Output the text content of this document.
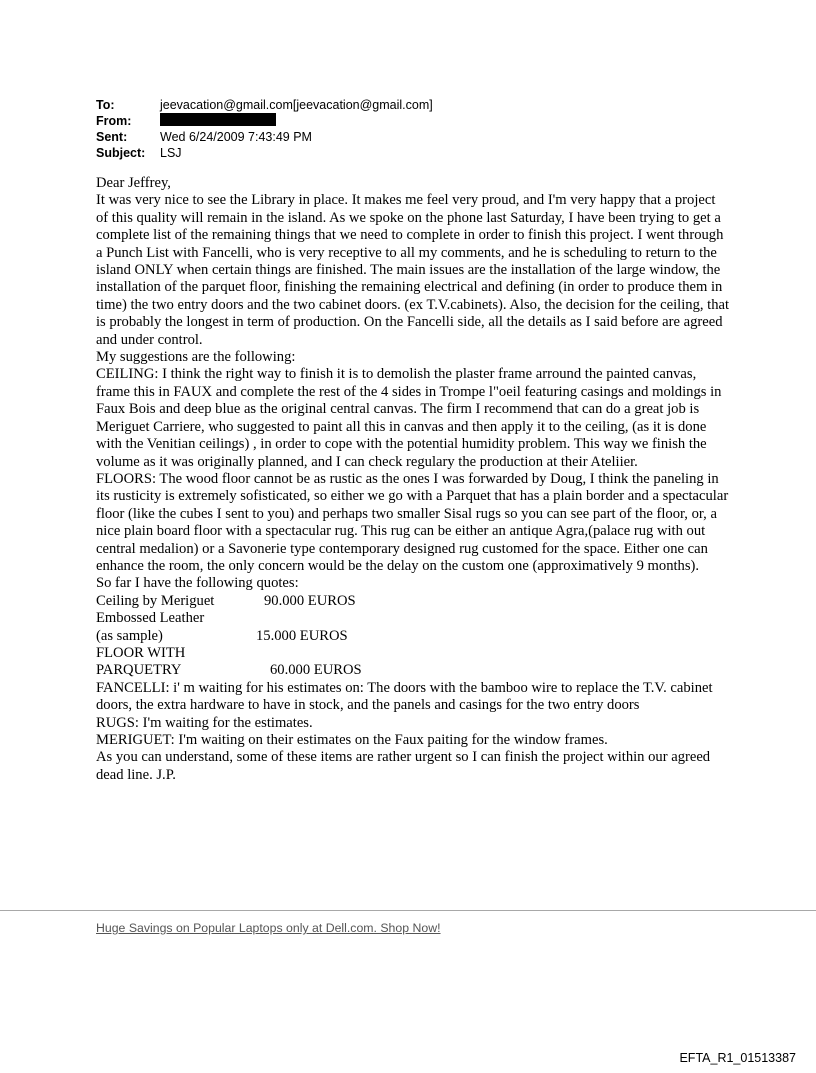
To:	jeevacation@gmail.com[jeevacation@gmail.com]
From:
Sent:	Wed 6/24/2009 7:43:49 PM
Subject:	LSJ

Dear Jeffrey,

It was very nice to see the Library in place. It makes me feel very proud, and I'm very happy that a project of this quality will remain in the island. As we spoke on the phone last Saturday, I have been trying to get a complete list of the remaining things that we need to complete in order to finish this project. I went through a Punch List with Fancelli, who is very receptive to all my comments, and he is scheduling to return to the island ONLY when certain things are finished. The main issues are the installation of the large window, the installation of the parquet floor, finishing the remaining electrical and defining (in order to produce them in time) the two entry doors and the two cabinet doors. (ex T.V.cabinets). Also, the decision for the ceiling, that is probably the longest in term of production. On the Fancelli side, all the details as I said before are agreed and under control.

My suggestions are the following:

CEILING: I think the right way to finish it is to demolish the plaster frame arround the painted canvas, frame this in FAUX and complete the rest of the 4 sides in Trompe l"oeil featuring casings and moldings in Faux Bois and deep blue as the original central canvas. The firm I recommend that can do a great job is Meriguet Carriere, who suggested to paint all this in canvas and then apply it to the ceiling, (as it is done with the Venitian ceilings) , in order to cope with the potential humidity problem. This way we finish the volume as it was originally planned, and I can check regulary the production at their Ateliier.

FLOORS: The wood floor cannot be as rustic as the ones I was forwarded by Doug, I think the paneling in its rusticity is extremely sofisticated, so either we go with a Parquet that has a plain border and a spectacular floor (like the cubes I sent to you) and perhaps two smaller Sisal rugs so you can see part of the floor, or, a nice plain board floor with a spectacular rug. This rug can be either an antique Agra,(palace rug with out central medalion) or a Savonerie type contemporary designed rug customed for the space. Either one can enhance the room, the only concern would be the delay on the custom one (approximatively 9 months).

So far I have the following quotes:

Ceiling by Meriguet	90.000 EUROS
Embossed Leather
(as sample)	15.000 EUROS
FLOOR WITH
PARQUETRY	60.000 EUROS

FANCELLI: i' m waiting for his estimates on: The doors with the bamboo wire to replace the T.V. cabinet doors, the extra hardware to have in stock, and the panels and casings for the two entry doors

RUGS: I'm waiting for the estimates.

MERIGUET: I'm waiting on their estimates on the Faux paiting for the window frames.

As you can understand, some of these items are rather urgent so I can finish the project within our agreed dead line. J.P.

Huge Savings on Popular Laptops only at Dell.com. Shop Now!
EFTA_R1_01513387
